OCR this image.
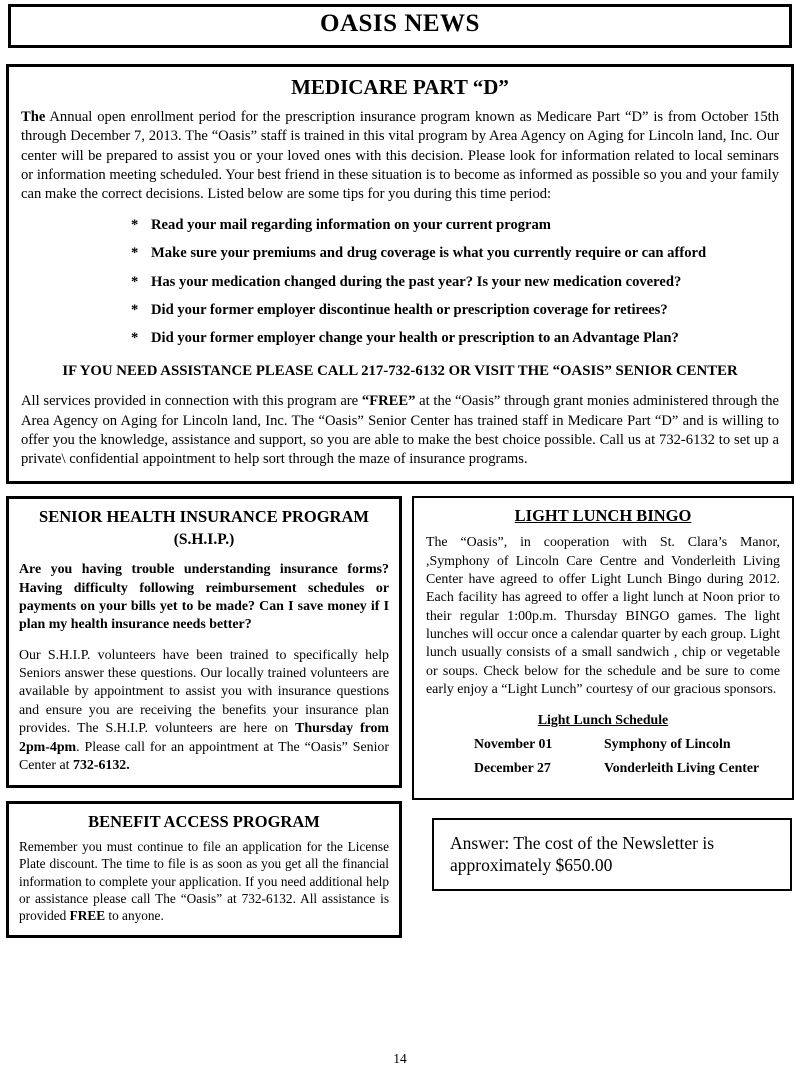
OASIS NEWS
MEDICARE PART “D”

The Annual open enrollment period for the prescription insurance program known as Medicare Part “D” is from October 15th through December 7, 2013. The “Oasis” staff is trained in this vital program by Area Agency on Aging for Lincoln land, Inc. Our center will be prepared to assist you or your loved ones with this decision. Please look for information related to local seminars or information meeting scheduled. Your best friend in these situation is to become as informed as possible so you and your family can make the correct decisions. Listed below are some tips for you during this time period:

* Read your mail regarding information on your current program
* Make sure your premiums and drug coverage is what you currently require or can afford
* Has your medication changed during the past year? Is your new medication covered?
* Did your former employer discontinue health or prescription coverage for retirees?
* Did your former employer change your health or prescription to an Advantage Plan?
IF YOU NEED ASSISTANCE PLEASE CALL 217-732-6132 OR VISIT THE “OASIS” SENIOR CENTER

All services provided in connection with this program are “FREE” at the “Oasis” through grant monies administered through the Area Agency on Aging for Lincoln land, Inc. The “Oasis” Senior Center has trained staff in Medicare Part “D” and is willing to offer you the knowledge, assistance and support, so you are able to make the best choice possible. Call us at 732-6132 to set up a private\ confidential appointment to help sort through the maze of insurance programs.

SENIOR HEALTH INSURANCE PROGRAM
(S.H.I.P.)

Are you having trouble understanding insurance forms? Having difficulty following reimbursement schedules or payments on your bills yet to be made? Can I save money if I plan my health insurance needs better?

Our S.H.I.P. volunteers have been trained to specifically help Seniors answer these questions. Our locally trained volunteers are available by appointment to assist you with insurance questions and ensure you are receiving the benefits your insurance plan provides. The S.H.I.P. volunteers are here on Thursday from 2pm-4pm. Please call for an appointment at The “Oasis” Senior Center at 732-6132.

BENEFIT ACCESS PROGRAM

Remember you must continue to file an application for the License Plate discount. The time to file is as soon as you get all the financial information to complete your application. If you need additional help or assistance please call The “Oasis” at 732-6132. All assistance is provided FREE to anyone.

LIGHT LUNCH BINGO

The “Oasis”, in cooperation with St. Clara’s Manor, ,Symphony of Lincoln Care Centre and Vonderleith Living Center have agreed to offer Light Lunch Bingo during 2012. Each facility has agreed to offer a light lunch at Noon prior to their regular 1:00p.m. Thursday BINGO games. The light lunches will occur once a calendar quarter by each group. Light lunch usually consists of a small sandwich , chip or vegetable or soups. Check below for the schedule and be sure to come early enjoy a “Light Lunch” courtesy of our gracious sponsors.

Light Lunch Schedule
November 01	Symphony of Lincoln
December 27	Vonderleith Living Center
Answer: The cost of the Newsletter is approximately $650.00
14
